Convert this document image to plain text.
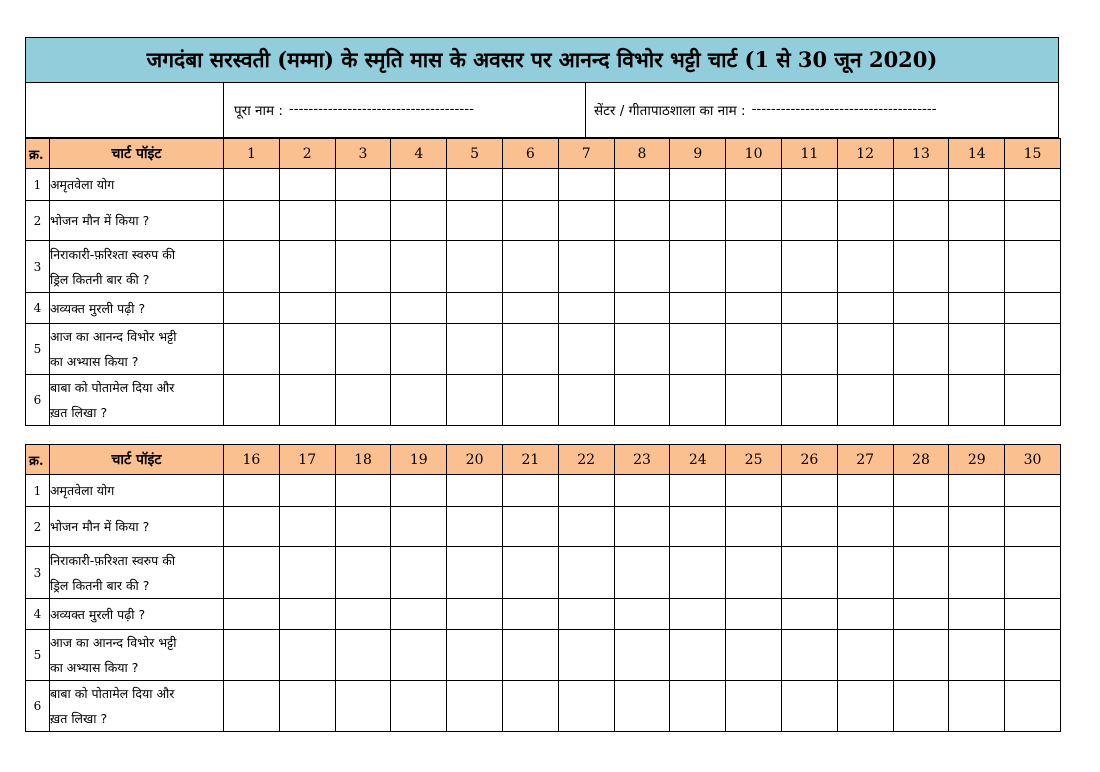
जगदंबा सरस्वती (मम्मा) के स्मृति मास के अवसर पर आनन्द विभोर भट्टी चार्ट (1 से 30 जून 2020)
पूरा नाम : --------------------------------------	सेंटर / गीतापाठशाला का नाम : --------------------------------------
क्र.	चार्ट पॉइंट	1	2	3	4	5	6	7	8	9	10	11	12	13	14	15
1	अमृतवेला योग															

2	भोजन मौन में किया ?															

3	निराकारी-फ़रिश्ता स्वरुप की
ड्रिल कितनी बार की ?															

4	अव्यक्त मुरली पढ़ी ?															

5	आज का आनन्द विभोर भट्टी
का अभ्यास किया ?															

6	बाबा को पोतामेल दिया और
ख़त लिखा ?															

क्र.	चार्ट पॉइंट	16	17	18	19	20	21	22	23	24	25	26	27	28	29	30
1	अमृतवेला योग															

2	भोजन मौन में किया ?															

3	निराकारी-फ़रिश्ता स्वरुप की
ड्रिल कितनी बार की ?															

4	अव्यक्त मुरली पढ़ी ?															

5	आज का आनन्द विभोर भट्टी
का अभ्यास किया ?															

6	बाबा को पोतामेल दिया और
ख़त लिखा ?															
